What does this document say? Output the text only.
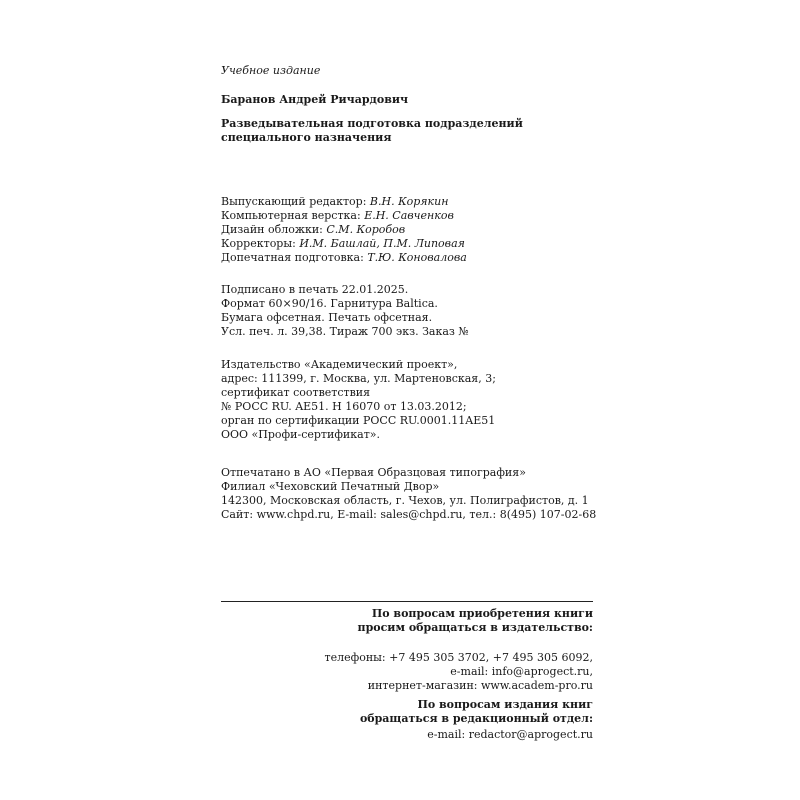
Учебное издание
Баранов Андрей Ричардович
Разведывательная подготовка подразделений
специального назначения
Выпускающий редактор: В.Н. Корякин
Компьютерная верстка: Е.Н. Савченков
Дизайн обложки: С.М. Коробов
Корректоры: И.М. Башлай, П.М. Липовая
Допечатная подготовка: Т.Ю. Коновалова
Подписано в печать 22.01.2025.
Формат 60×90/16. Гарнитура Baltica.
Бумага офсетная. Печать офсетная.
Усл. печ. л. 39,38. Тираж 700 экз. Заказ №
Издательство «Академический проект»,
адрес: 111399, г. Москва, ул. Мартеновская, 3;
сертификат соответствия
№ РОСС RU. AE51. Н 16070 от 13.03.2012;
орган по сертификации РОСС RU.0001.11AE51
ООО «Профи-сертификат».
Отпечатано в АО «Первая Образцовая типография»
Филиал «Чеховский Печатный Двор»
142300, Московская область, г. Чехов, ул. Полиграфистов, д. 1
Сайт: www.chpd.ru, E-mail: sales@chpd.ru, тел.: 8(495) 107-02-68
По вопросам приобретения книги
просим обращаться в издательство:
телефоны: +7 495 305 3702, +7 495 305 6092,
e-mail: info@aprogect.ru,
интернет-магазин: www.academ-pro.ru
По вопросам издания книг
обращаться в редакционный отдел:
e-mail: redactor@aprogect.ru
